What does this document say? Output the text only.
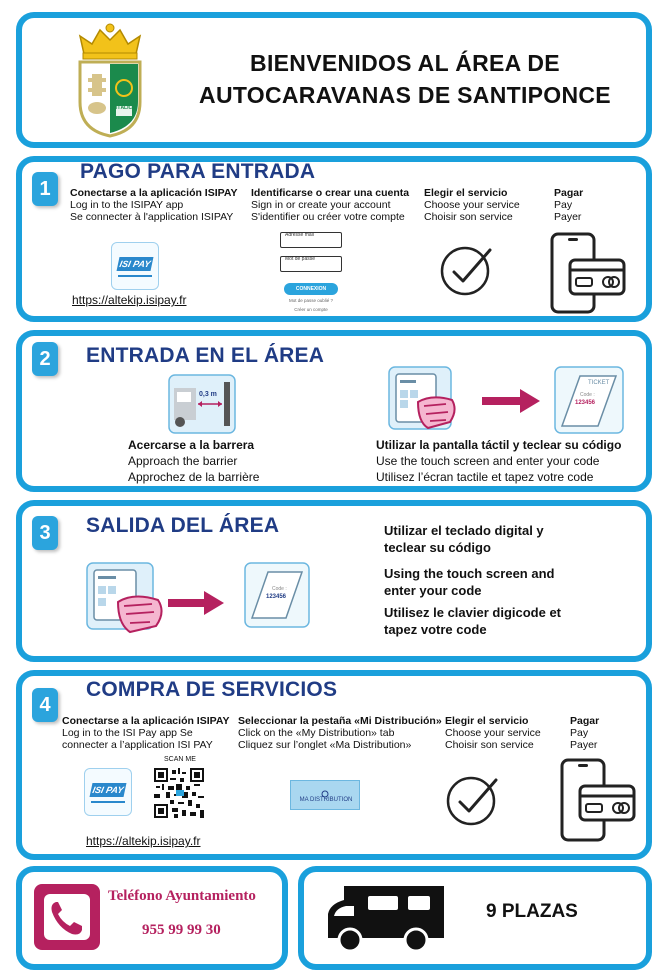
ITÁLICA
BIENVENIDOS AL ÁREA DE
AUTOCARAVANAS DE SANTIPONCE
1
PAGO PARA ENTRADA
Conectarse a la aplicación ISIPAY
Log in to the ISIPAY app
Se connecter à l'application ISIPAY
Identificarse o crear una cuenta
Sign in or create your account
S'identifier ou créer votre compte
Elegir el servicio
Choose your service
Choisir son service
Pagar
Pay
Payer
ISI PAY
https://altekip.isipay.fr
Adresse mail
Mot de passe
CONNEXION
Mot de passe oublié ?
Créer un compte
2	ENTRADA EN EL ÁREA
0,3 m
Acercarse a la barrera
Approach the barrier
Approchez de la barrière
TICKET
Code :
123456
Utilizar la pantalla táctil y teclear su código
Use the touch screen and enter your code
Utilisez l’écran tactile et tapez votre code
3	SALIDA DEL ÁREA
Code :
123456
Utilizar el teclado digital y
teclear su código
Using the touch screen and
enter your code
Utilisez le clavier digicode et
tapez votre code
4
COMPRA DE SERVICIOS
Conectarse a la aplicación ISIPAY
Log in to the ISI Pay app Se
connecter a l’application ISI PAY
Seleccionar la pestaña «Mi Distribución»
Click on the «My Distribution» tab
Cliquez sur l’onglet «Ma Distribution»
Elegir el servicio
Choose your service
Choisir son service
Pagar
Pay
Payer
ISI PAY
SCAN ME
https://altekip.isipay.fr
MA DISTRIBUTION
Teléfono Ayuntamiento
955 99 99 30
9 PLAZAS
